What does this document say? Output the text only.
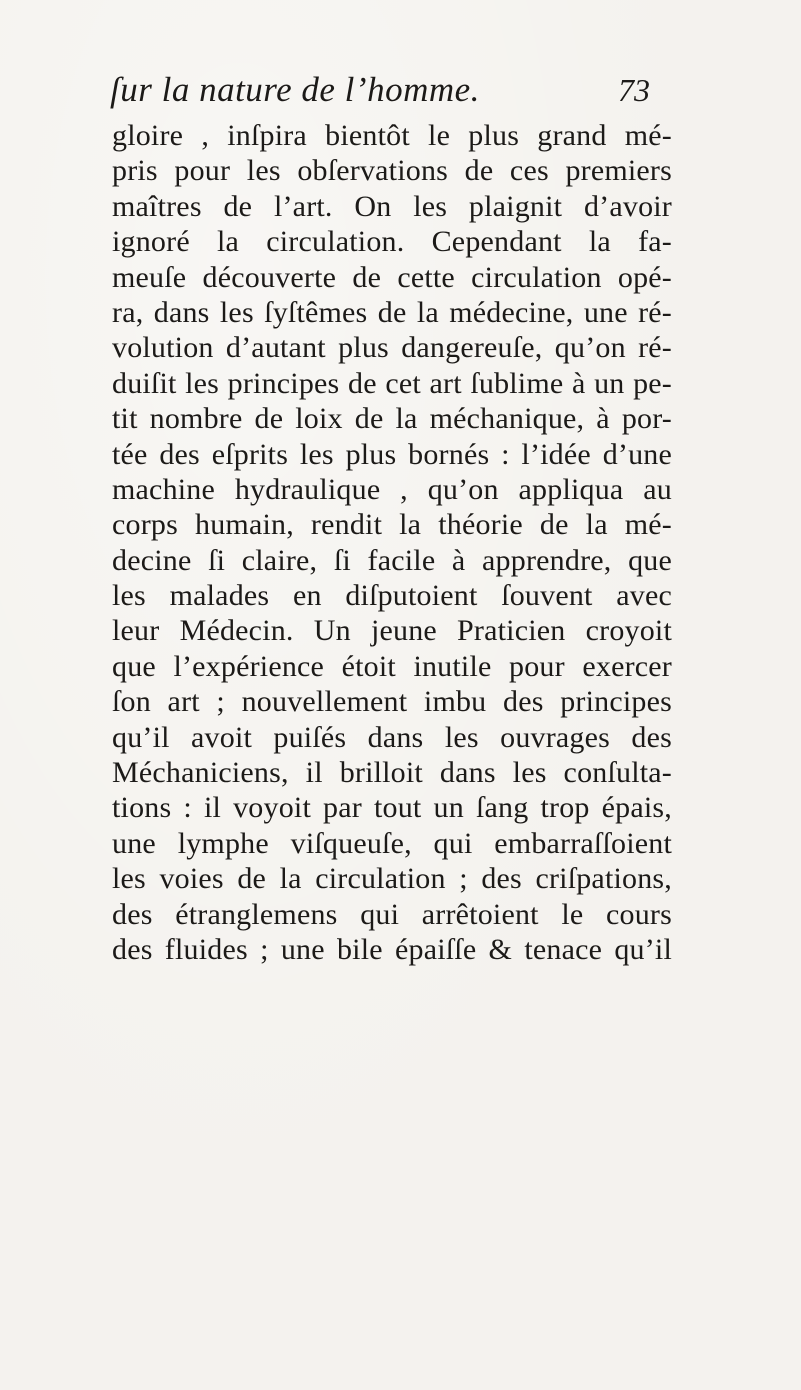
ſur la nature de l’homme.	73
gloire , inſpira bientôt le plus grand mé-
pris pour les obſervations de ces premiers
maîtres de l’art. On les plaignit d’avoir
ignoré la circulation. Cependant la fa-
meuſe découverte de cette circulation opé-
ra, dans les ſyſtêmes de la médecine, une ré-
volution d’autant plus dangereuſe, qu’on ré-
duiſit les principes de cet art ſublime à un pe-
tit nombre de loix de la méchanique, à por-
tée des eſprits les plus bornés : l’idée d’une
machine hydraulique , qu’on appliqua au
corps humain, rendit la théorie de la mé-
decine ſi claire, ſi facile à apprendre, que
les malades en diſputoient ſouvent avec
leur Médecin. Un jeune Praticien croyoit
que l’expérience étoit inutile pour exercer
ſon art ; nouvellement imbu des principes
qu’il avoit puiſés dans les ouvrages des
Méchaniciens, il brilloit dans les conſulta-
tions : il voyoit par tout un ſang trop épais,
une lymphe viſqueuſe, qui embarraſſoient
les voies de la circulation ; des criſpations,
des étranglemens qui arrêtoient le cours
des fluides ; une bile épaiſſe & tenace qu’il
